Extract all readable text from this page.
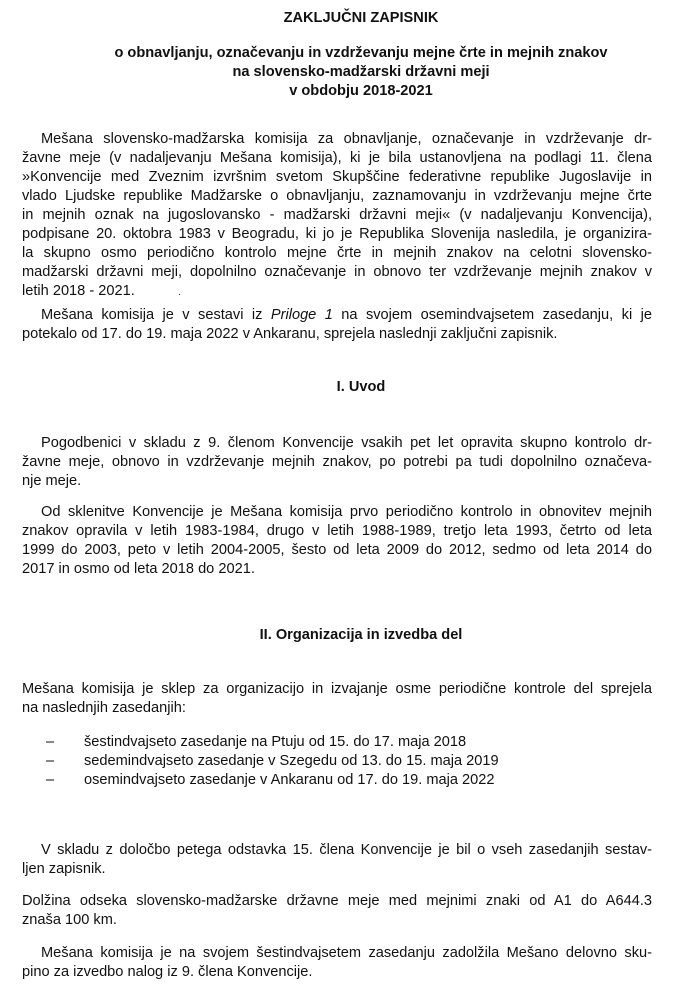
ZAKLJUČNI ZAPISNIK
o obnavljanju, označevanju in vzdrževanju mejne črte in mejnih znakov
na slovensko-madžarski državni meji
v obdobju 2018-2021
Mešana slovensko-madžarska komisija za obnavljanje, označevanje in vzdrževanje dr-
žavne meje (v nadaljevanju Mešana komisija), ki je bila ustanovljena na podlagi 11. člena
»Konvencije med Zveznim izvršnim svetom Skupščine federativne republike Jugoslavije in
vlado Ljudske republike Madžarske o obnavljanju, zaznamovanju in vzdrževanju mejne črte
in mejnih oznak na jugoslovansko - madžarski državni meji« (v nadaljevanju Konvencija),
podpisane 20. oktobra 1983 v Beogradu, ki jo je Republika Slovenija nasledila, je organizira-
la skupno osmo periodično kontrolo mejne črte in mejnih znakov na celotni slovensko-
madžarski državni meji, dopolnilno označevanje in obnovo ter vzdrževanje mejnih znakov v
letih 2018 - 2021.	·
Mešana komisija je v sestavi iz Priloge 1 na svojem osemindvajsetem zasedanju, ki je
potekalo od 17. do 19. maja 2022 v Ankaranu, sprejela naslednji zaključni zapisnik.
I. Uvod
Pogodbenici v skladu z 9. členom Konvencije vsakih pet let opravita skupno kontrolo dr-
žavne meje, obnovo in vzdrževanje mejnih znakov, po potrebi pa tudi dopolnilno označeva-
nje meje.
Od sklenitve Konvencije je Mešana komisija prvo periodično kontrolo in obnovitev mejnih
znakov opravila v letih 1983-1984, drugo v letih 1988-1989, tretjo leta 1993, četrto od leta
1999 do 2003, peto v letih 2004-2005, šesto od leta 2009 do 2012, sedmo od leta 2014 do
2017 in osmo od leta 2018 do 2021.
II. Organizacija in izvedba del
Mešana komisija je sklep za organizacijo in izvajanje osme periodične kontrole del sprejela
na naslednjih zasedanjih:
–	šestindvajseto zasedanje na Ptuju od 15. do 17. maja 2018
–	sedemindvajseto zasedanje v Szegedu od 13. do 15. maja 2019
–	osemindvajseto zasedanje v Ankaranu od 17. do 19. maja 2022
V skladu z določbo petega odstavka 15. člena Konvencije je bil o vseh zasedanjih sestav-
ljen zapisnik.
Dolžina odseka slovensko-madžarske državne meje med mejnimi znaki od A1 do A644.3
znaša 100 km.
Mešana komisija je na svojem šestindvajsetem zasedanju zadolžila Mešano delovno sku-
pino za izvedbo nalog iz 9. člena Konvencije.
